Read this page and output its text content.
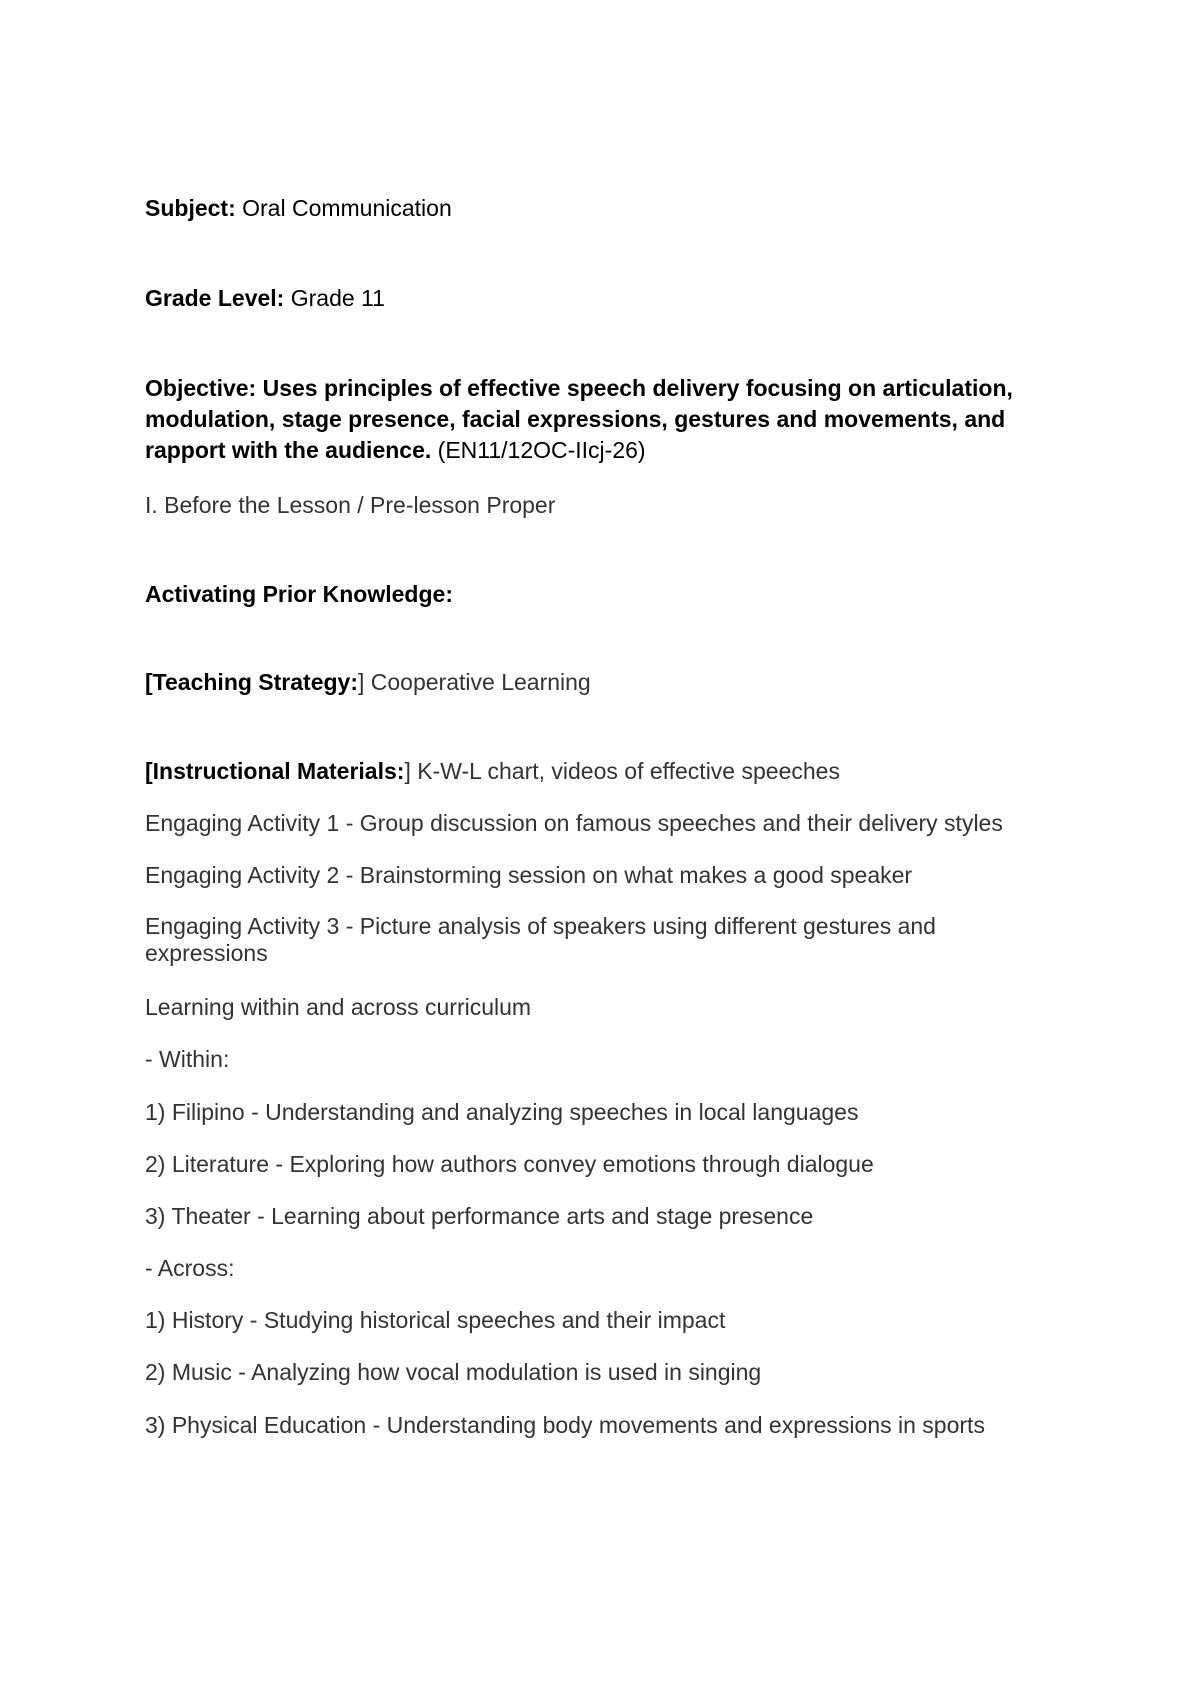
Subject: Oral Communication
Grade Level: Grade 11
Objective: Uses principles of effective speech delivery focusing on articulation, modulation, stage presence, facial expressions, gestures and movements, and rapport with the audience. (EN11/12OC-IIcj-26)
I. Before the Lesson / Pre-lesson Proper
Activating Prior Knowledge:
[Teaching Strategy:] Cooperative Learning
[Instructional Materials:] K-W-L chart, videos of effective speeches
Engaging Activity 1 - Group discussion on famous speeches and their delivery styles
Engaging Activity 2 - Brainstorming session on what makes a good speaker
Engaging Activity 3 - Picture analysis of speakers using different gestures and expressions
Learning within and across curriculum
- Within:
1) Filipino - Understanding and analyzing speeches in local languages
2) Literature - Exploring how authors convey emotions through dialogue
3) Theater - Learning about performance arts and stage presence
- Across:
1) History - Studying historical speeches and their impact
2) Music - Analyzing how vocal modulation is used in singing
3) Physical Education - Understanding body movements and expressions in sports
